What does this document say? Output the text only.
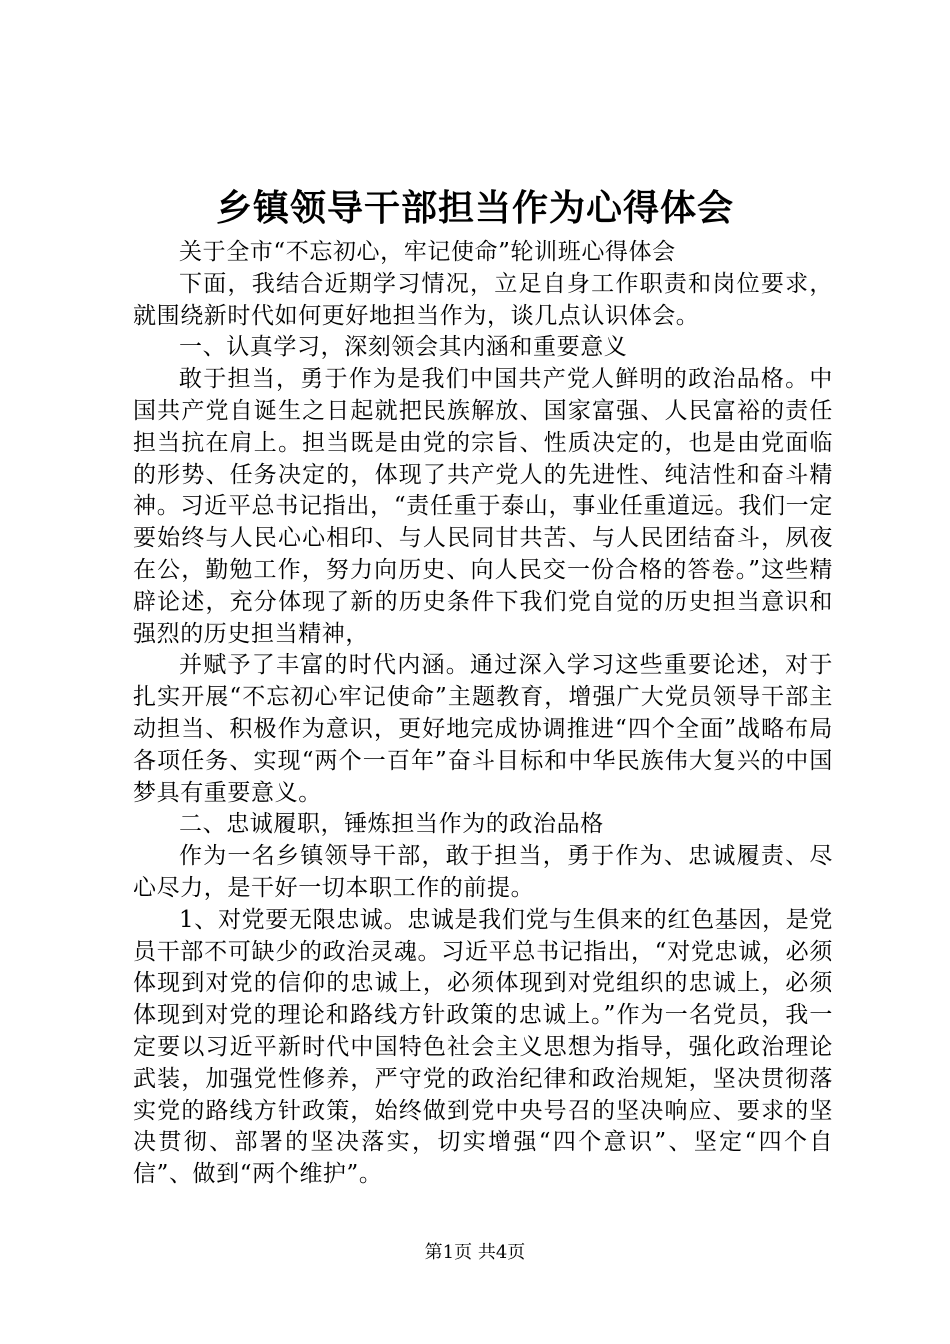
乡镇领导干部担当作为心得体会

关于全市“不忘初心，牢记使命”轮训班心得体会

下面，我结合近期学习情况，立足自身工作职责和岗位要求，就围绕新时代如何更好地担当作为，谈几点认识体会。

一、认真学习，深刻领会其内涵和重要意义

敢于担当，勇于作为是我们中国共产党人鲜明的政治品格。中国共产党自诞生之日起就把民族解放、国家富强、人民富裕的责任担当抗在肩上。担当既是由党的宗旨、性质决定的，也是由党面临的形势、任务决定的，体现了共产党人的先进性、纯洁性和奋斗精神。习近平总书记指出，“责任重于泰山，事业任重道远。我们一定要始终与人民心心相印、与人民同甘共苦、与人民团结奋斗，夙夜在公，勤勉工作，努力向历史、向人民交一份合格的答卷。”这些精辟论述，充分体现了新的历史条件下我们党自觉的历史担当意识和强烈的历史担当精神，

并赋予了丰富的时代内涵。通过深入学习这些重要论述，对于扎实开展“不忘初心牢记使命”主题教育，增强广大党员领导干部主动担当、积极作为意识，更好地完成协调推进“四个全面”战略布局各项任务、实现“两个一百年”奋斗目标和中华民族伟大复兴的中国梦具有重要意义。

二、忠诚履职，锤炼担当作为的政治品格

作为一名乡镇领导干部，敢于担当，勇于作为、忠诚履责、尽心尽力，是干好一切本职工作的前提。

1、对党要无限忠诚。忠诚是我们党与生俱来的红色基因，是党员干部不可缺少的政治灵魂。习近平总书记指出，“对党忠诚，必须体现到对党的信仰的忠诚上，必须体现到对党组织的忠诚上，必须体现到对党的理论和路线方针政策的忠诚上。”作为一名党员，我一定要以习近平新时代中国特色社会主义思想为指导，强化政治理论武装，加强党性修养，严守党的政治纪律和政治规矩，坚决贯彻落实党的路线方针政策，始终做到党中央号召的坚决响应、要求的坚决贯彻、部署的坚决落实，切实增强“四个意识”、坚定“四个自信”、做到“两个维护”。

第1页 共4页
